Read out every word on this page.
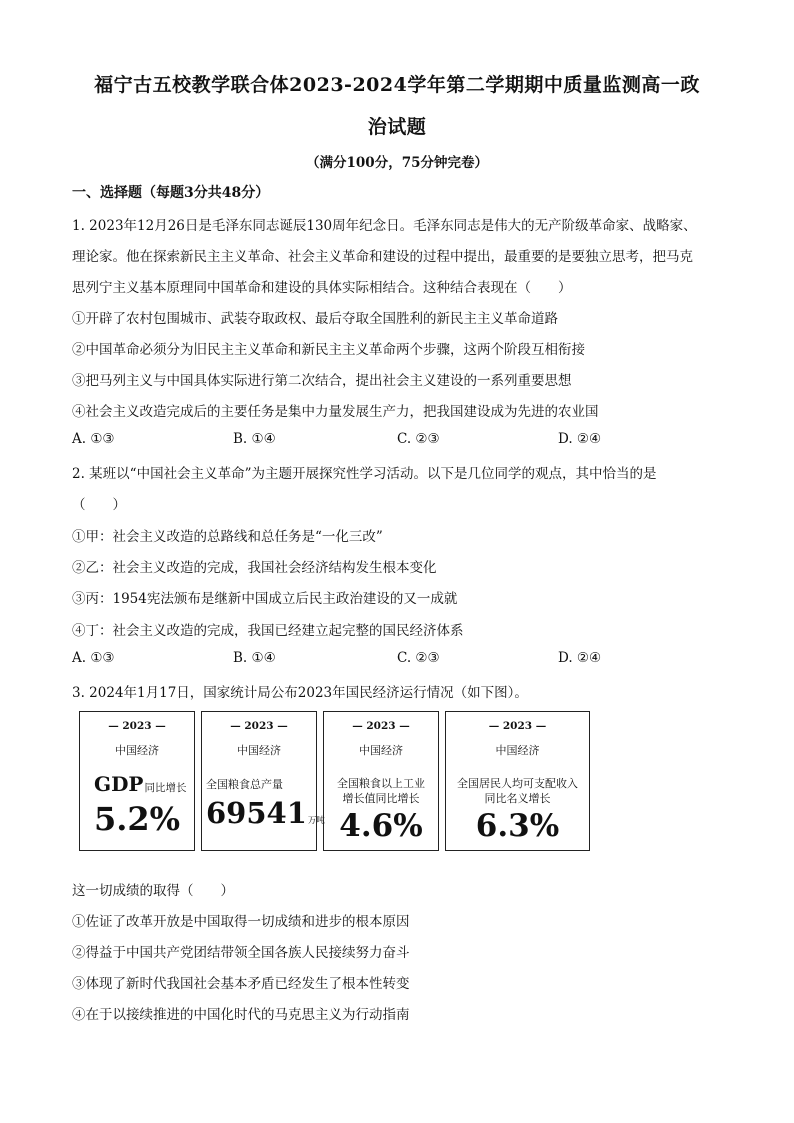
福宁古五校教学联合体2023-2024学年第二学期期中质量监测高一政
治试题
（满分100分，75分钟完卷）
一、选择题（每题3分共48分）
1. 2023年12月26日是毛泽东同志诞辰130周年纪念日。毛泽东同志是伟大的无产阶级革命家、战略家、
理论家。他在探索新民主主义革命、社会主义革命和建设的过程中提出，最重要的是要独立思考，把马克
思列宁主义基本原理同中国革命和建设的具体实际相结合。这种结合表现在（　　）
①开辟了农村包围城市、武装夺取政权、最后夺取全国胜利的新民主主义革命道路
②中国革命必须分为旧民主主义革命和新民主主义革命两个步骤，这两个阶段互相衔接
③把马列主义与中国具体实际进行第二次结合，提出社会主义建设的一系列重要思想
④社会主义改造完成后的主要任务是集中力量发展生产力，把我国建设成为先进的农业国
A. ①③	B. ①④	C. ②③	D. ②④
2. 某班以“中国社会主义革命”为主题开展探究性学习活动。以下是几位同学的观点，其中恰当的是
（　　）
①甲：社会主义改造的总路线和总任务是“一化三改”
②乙：社会主义改造的完成，我国社会经济结构发生根本变化
③丙：1954宪法颁布是继新中国成立后民主政治建设的又一成就
④丁：社会主义改造的完成，我国已经建立起完整的国民经济体系
A. ①③	B. ①④	C. ②③	D. ②④
3. 2024年1月17日，国家统计局公布2023年国民经济运行情况（如下图）。
— 2023 —
中国经济
GDP同比增长
5.2%
— 2023 —
中国经济
全国粮食总产量
69541万吨
— 2023 —
中国经济
全国粮食以上工业
增长值同比增长
4.6%
— 2023 —
中国经济
全国居民人均可支配收入
同比名义增长
6.3%
这一切成绩的取得（　　）
①佐证了改革开放是中国取得一切成绩和进步的根本原因
②得益于中国共产党团结带领全国各族人民接续努力奋斗
③体现了新时代我国社会基本矛盾已经发生了根本性转变
④在于以接续推进的中国化时代的马克思主义为行动指南
